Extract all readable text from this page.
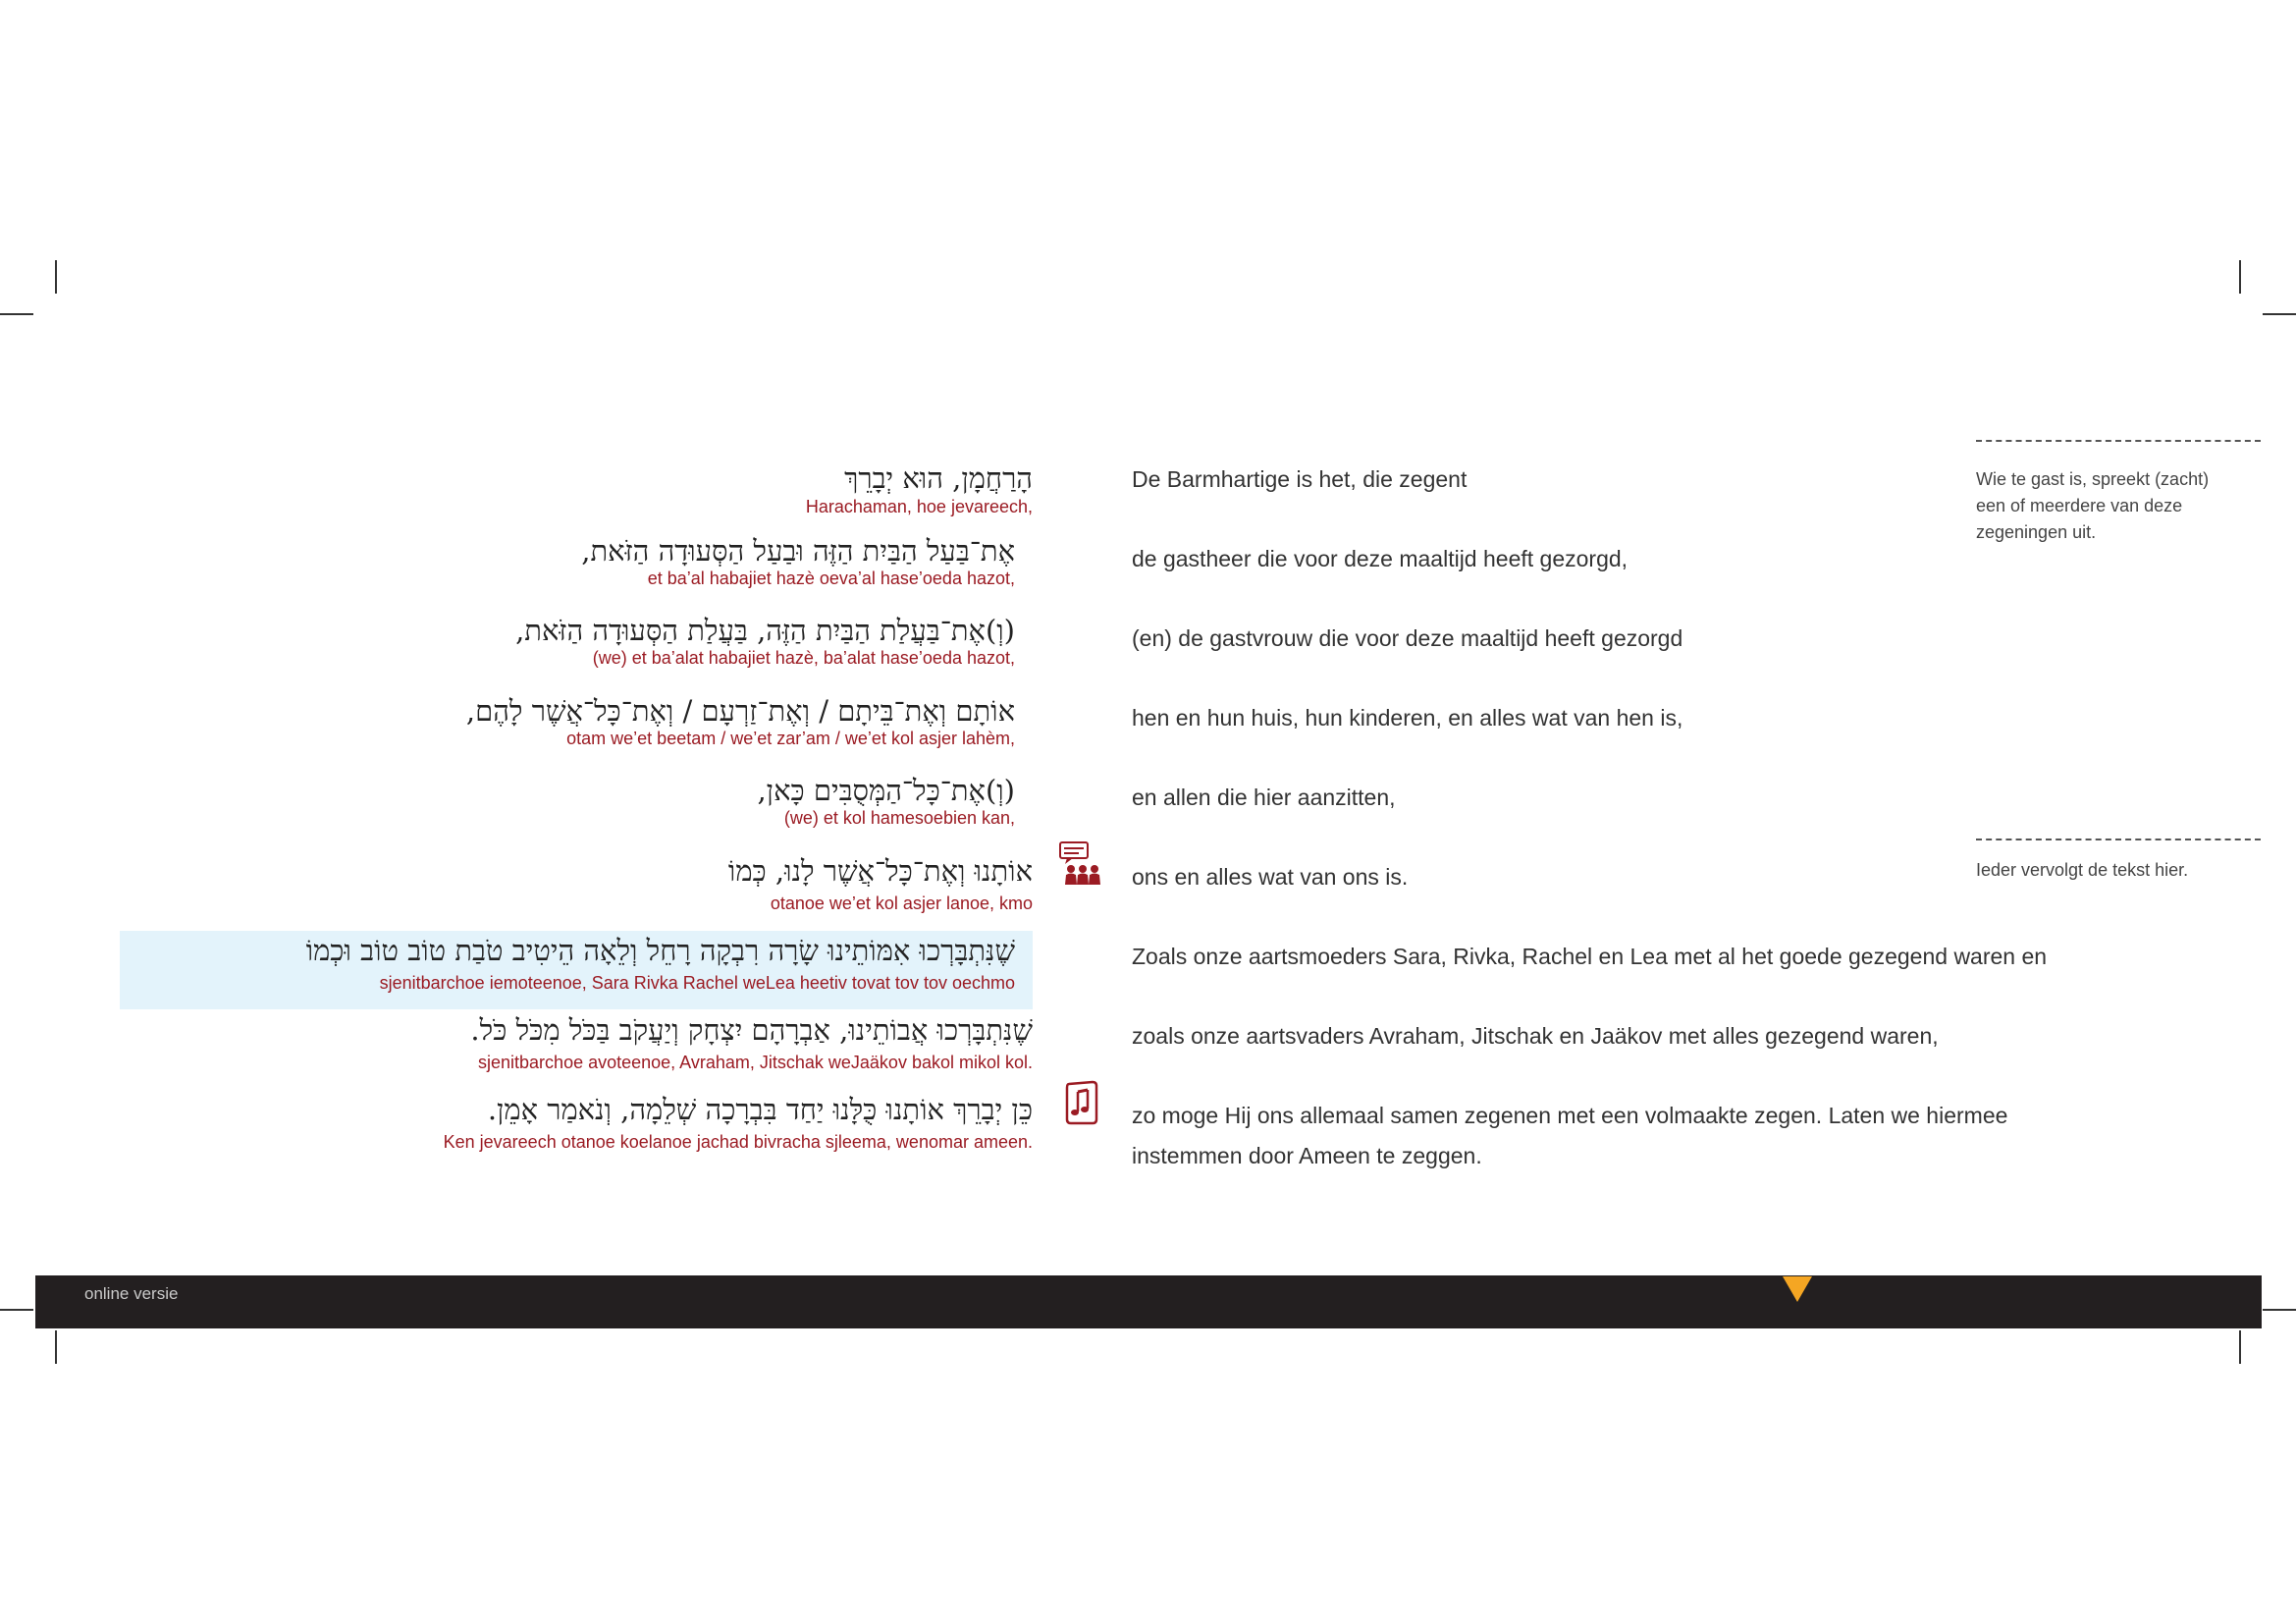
הָרַחֲמָן, הוּא יְבָרֵךְ
Harachaman, hoe jevareech,
אֶת־בַּעַל הַבַּיִת הַזֶּה וּבַעַל הַסְּעוּדָה הַזֹּאת,
et ba’al habajiet hazè oeva’al hase’oeda hazot,
(וְ)אֶת־בַּעֲלַת הַבַּיִת הַזֶּה, בַּעֲלַת הַסְּעוּדָה הַזֹּאת,
(we) et ba’alat habajiet hazè, ba’alat hase’oeda hazot,
אוֹתָם וְאֶת־בֵּיתָם / וְאֶת־זַרְעָם / וְאֶת־כָּל־אֲשֶׁר לָהֶם,
otam we’et beetam / we’et zar’am / we’et kol asjer lahèm,
(וְ)אֶת־כָּל־הַמְּסֻבִּים כָּאן,
(we) et kol hamesoebien kan,
אוֹתָנוּ וְאֶת־כָּל־אֲשֶׁר לָנוּ, כְּמוֹ
otanoe we’et kol asjer lanoe, kmo
שֶׁנִּתְבָּרְכוּ אִמּוֹתֵינוּ שָׂרָה רִבְקָה רָחֵל וְלֵאָה הֵיטִיב טֹבַת טוֹב טוֹב וּכְמוֹ
sjenitbarchoe iemoteenoe, Sara Rivka Rachel weLea heetiv tovat tov tov oechmo
שֶׁנִּתְבָּרְכוּ אֲבוֹתֵינוּ, אַבְרָהָם יִצְחָק וְיַעֲקֹב בַּכֹּל מִכֹּל כֹּל.
sjenitbarchoe avoteenoe, Avraham, Jitschak weJaäkov bakol mikol kol.
כֵּן יְבָרֵךְ אוֹתָנוּ כֻּלָּנוּ יַחַד בִּבְרָכָה שְׁלֵמָה, וְנֹאמַר אָמֵן.
Ken jevareech otanoe koelanoe jachad bivracha sjleema, wenomar ameen.
De Barmhartige is het, die zegent
de gastheer die voor deze maaltijd heeft gezorgd,
(en) de gastvrouw die voor deze maaltijd heeft gezorgd
hen en hun huis, hun kinderen, en alles wat van hen is,
en allen die hier aanzitten,
ons en alles wat van ons is.
Zoals onze aartsmoeders Sara, Rivka, Rachel en Lea met al het goede gezegend waren en
zoals onze aartsvaders Avraham, Jitschak en Jaäkov met alles gezegend waren,
zo moge Hij ons allemaal samen zegenen met een volmaakte zegen. Laten we hiermee instemmen door Ameen te zeggen.
Wie te gast is, spreekt (zacht) een of meerdere van deze zegeningen uit.
Ieder vervolgt de tekst hier.
online versie
